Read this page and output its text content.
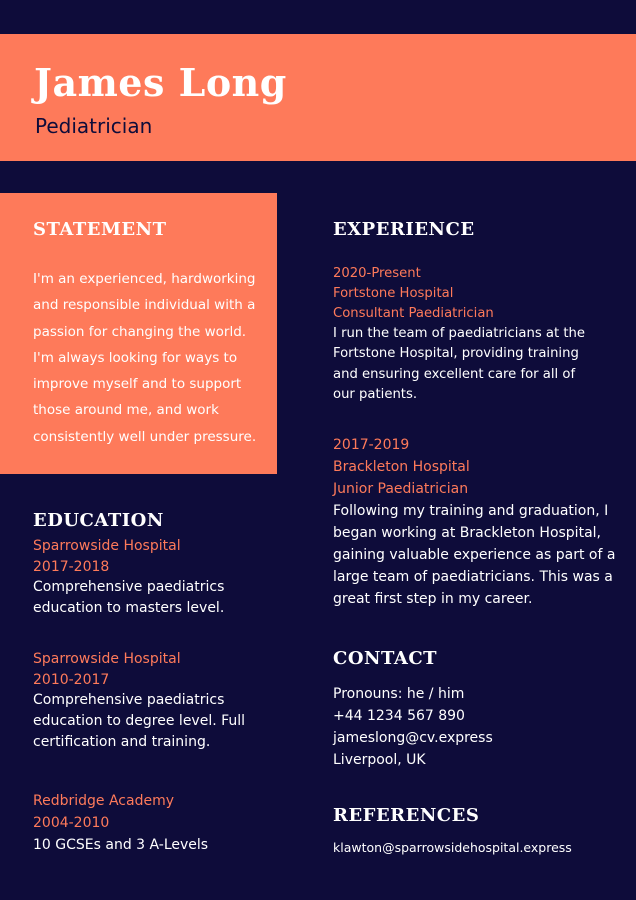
James Long

Pediatrician

STATEMENT

I'm an experienced, hardworking and responsible individual with a passion for changing the world. I'm always looking for ways to improve myself and to support those around me, and work consistently well under pressure.

EDUCATION

Sparrowside Hospital

2017-2018

Comprehensive paediatrics education to masters level.

Sparrowside Hospital

2010-2017

Comprehensive paediatrics education to degree level. Full certification and training.

Redbridge Academy

2004-2010

10 GCSEs and 3 A-Levels

EXPERIENCE

2020-Present

Fortstone Hospital

Consultant Paediatrician

I run the team of paediatricians at the Fortstone Hospital, providing training and ensuring excellent care for all of our patients.

2017-2019

Brackleton Hospital

Junior Paediatrician

Following my training and graduation, I began working at Brackleton Hospital, gaining valuable experience as part of a large team of paediatricians. This was a great first step in my career.

CONTACT

Pronouns: he / him

+44 1234 567 890

jameslong@cv.express

Liverpool, UK

REFERENCES

klawton@sparrowsidehospital.express
